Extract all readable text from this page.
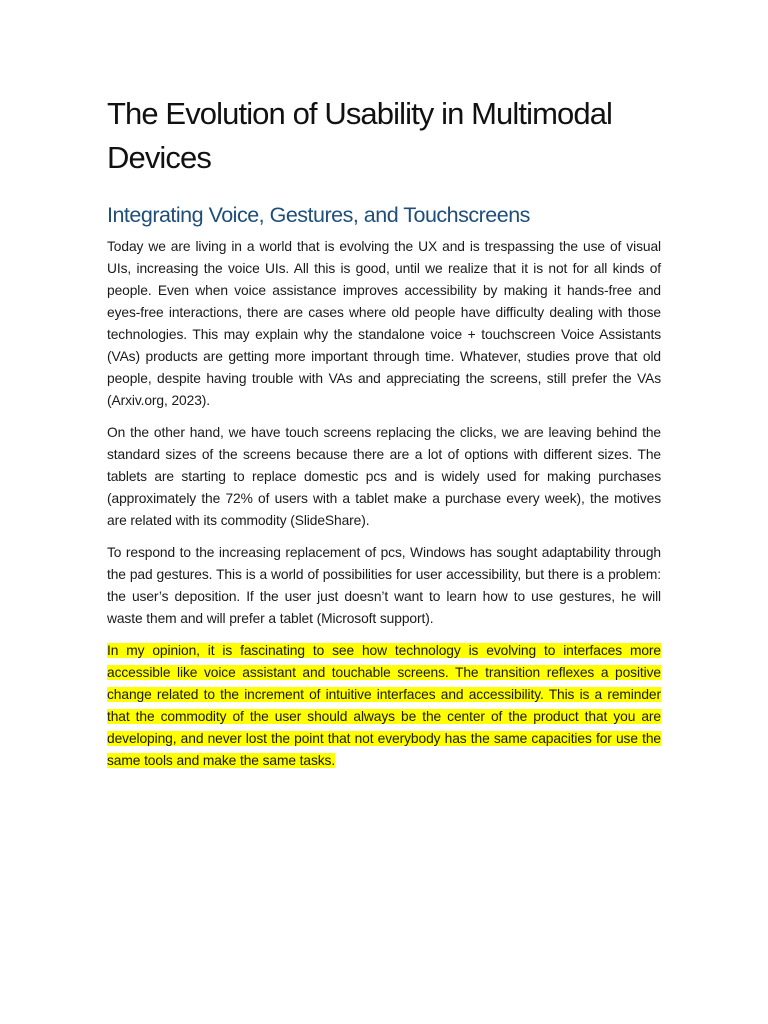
The Evolution of Usability in Multimodal Devices
Integrating Voice, Gestures, and Touchscreens

Today we are living in a world that is evolving the UX and is trespassing the use of visual UIs, increasing the voice UIs. All this is good, until we realize that it is not for all kinds of people. Even when voice assistance improves accessibility by making it hands-free and eyes-free interactions, there are cases where old people have difficulty dealing with those technologies. This may explain why the standalone voice + touchscreen Voice Assistants (VAs) products are getting more important through time. Whatever, studies prove that old people, despite having trouble with VAs and appreciating the screens, still prefer the VAs (Arxiv.org, 2023).

On the other hand, we have touch screens replacing the clicks, we are leaving behind the standard sizes of the screens because there are a lot of options with different sizes. The tablets are starting to replace domestic pcs and is widely used for making purchases (approximately the 72% of users with a tablet make a purchase every week), the motives are related with its commodity (SlideShare).

To respond to the increasing replacement of pcs, Windows has sought adaptability through the pad gestures. This is a world of possibilities for user accessibility, but there is a problem: the user’s deposition. If the user just doesn’t want to learn how to use gestures, he will waste them and will prefer a tablet (Microsoft support).

In my opinion, it is fascinating to see how technology is evolving to interfaces more accessible like voice assistant and touchable screens. The transition reflexes a positive change related to the increment of intuitive interfaces and accessibility. This is a reminder that the commodity of the user should always be the center of the product that you are developing, and never lost the point that not everybody has the same capacities for use the same tools and make the same tasks.
